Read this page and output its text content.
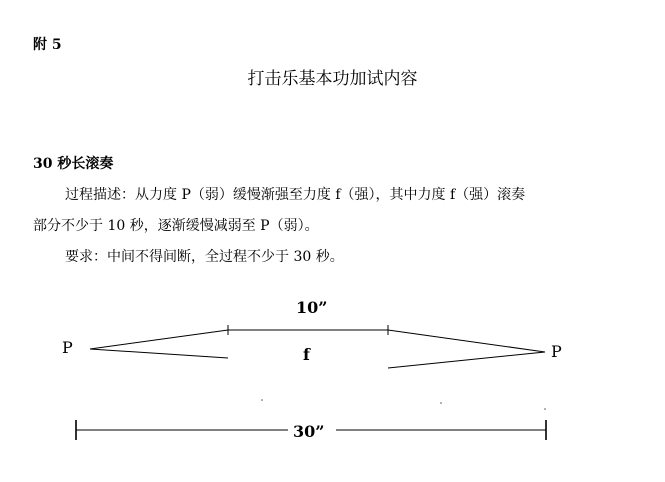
附 5
打击乐基本功加试内容
30 秒长滚奏
过程描述：从力度 P（弱）缓慢渐强至力度 f（强），其中力度 f（强）滚奏
部分不少于 10 秒，逐渐缓慢减弱至 P（弱）。
要求：中间不得间断，全过程不少于 30 秒。
P	P
10”
f
30”
